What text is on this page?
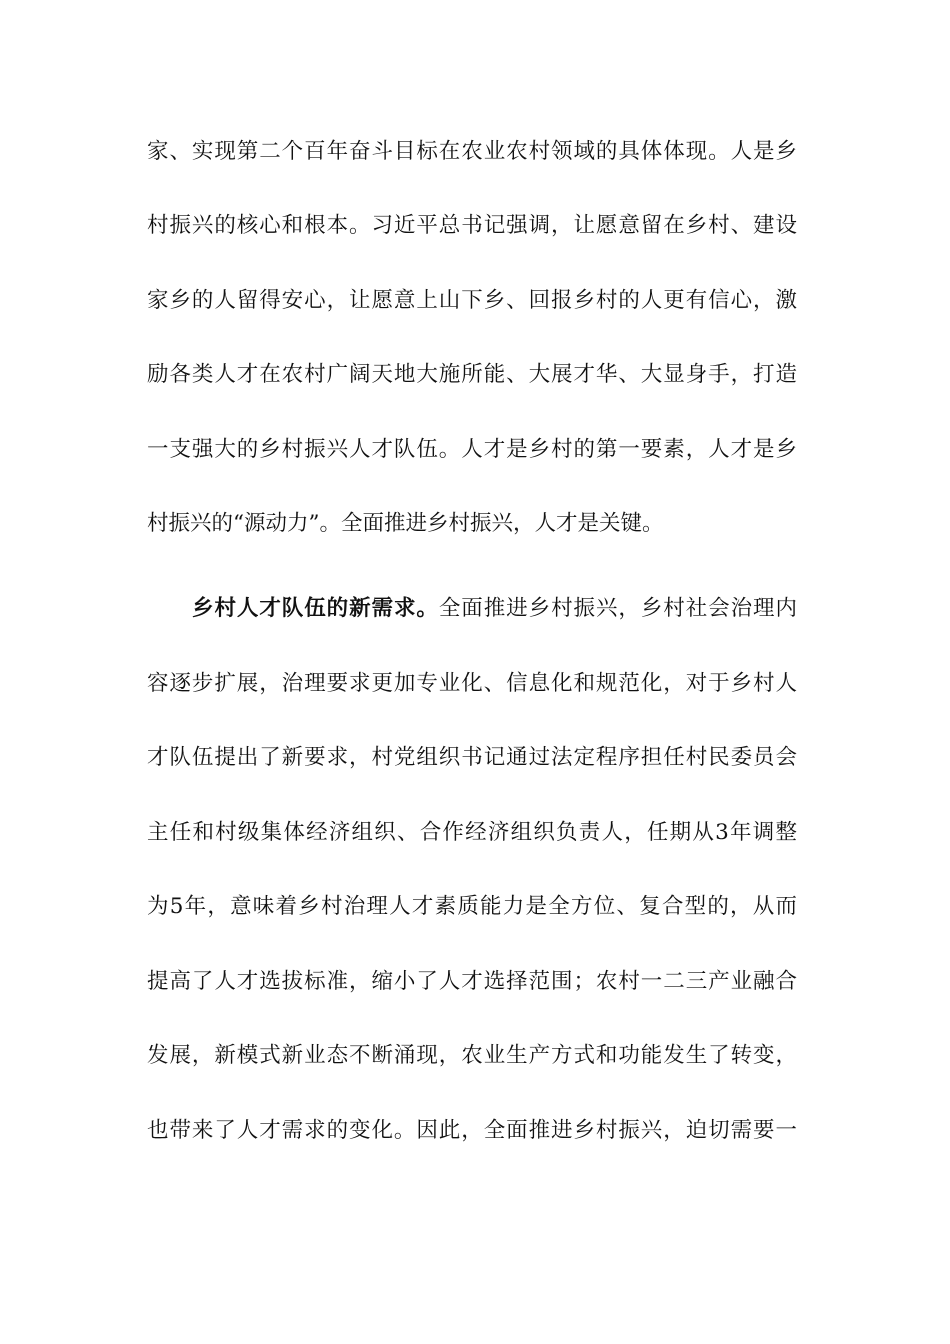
家、实现第二个百年奋斗目标在农业农村领域的具体体现。人是乡
村振兴的核心和根本。习近平总书记强调，让愿意留在乡村、建设
家乡的人留得安心，让愿意上山下乡、回报乡村的人更有信心，激
励各类人才在农村广阔天地大施所能、大展才华、大显身手，打造
一支强大的乡村振兴人才队伍。人才是乡村的第一要素，人才是乡
村振兴的“源动力”。全面推进乡村振兴，人才是关键。
乡村人才队伍的新需求。全面推进乡村振兴，乡村社会治理内
容逐步扩展，治理要求更加专业化、信息化和规范化，对于乡村人
才队伍提出了新要求，村党组织书记通过法定程序担任村民委员会
主任和村级集体经济组织、合作经济组织负责人，任期从3年调整
为5年，意味着乡村治理人才素质能力是全方位、复合型的，从而
提高了人才选拔标准，缩小了人才选择范围；农村一二三产业融合
发展，新模式新业态不断涌现，农业生产方式和功能发生了转变，
也带来了人才需求的变化。因此，全面推进乡村振兴，迫切需要一
